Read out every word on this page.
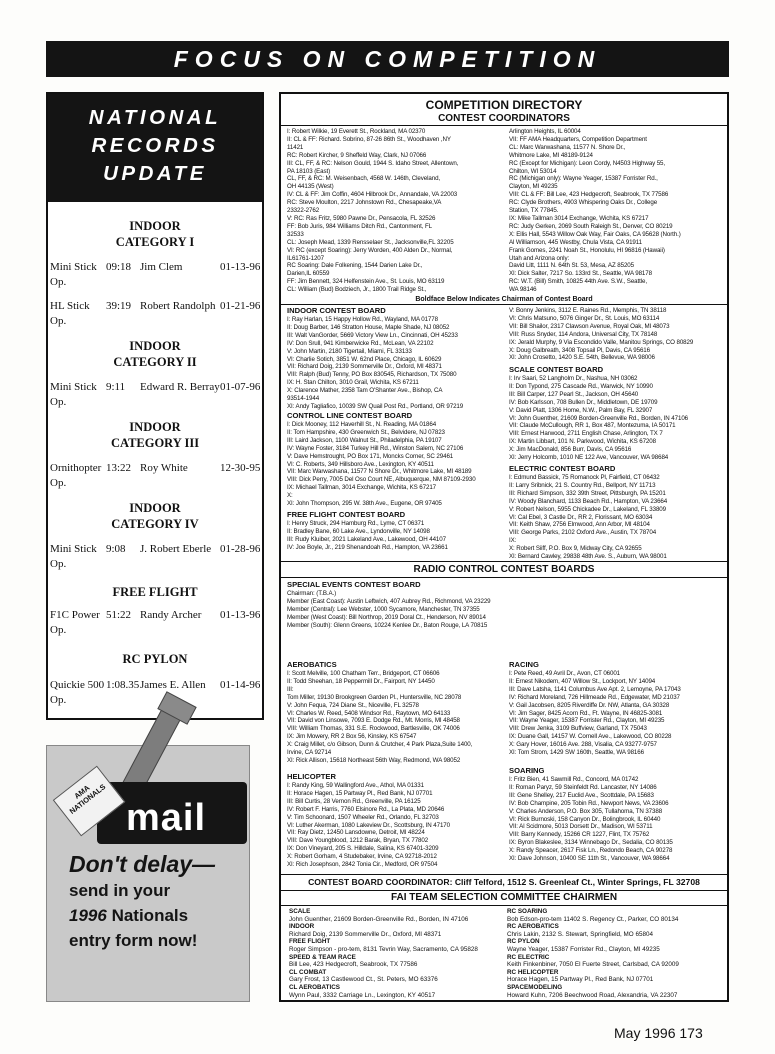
FOCUS ON COMPETITION
NATIONAL
RECORDS
UPDATE
INDOOR
CATEGORY I
Mini Stick Op.
09:18 Jim Clem	01-13-96
HL Stick Op.
39:19 Robert Randolph 01-21-96
INDOOR
CATEGORY II
Mini Stick Op.
9:11 Edward R. Berray 01-07-96
INDOOR
CATEGORY III
Ornithopter Op.
13:22 Roy White	12-30-95
INDOOR
CATEGORY IV
Mini Stick Op.
9:08 J. Robert Eberle 01-28-96
FREE FLIGHT
F1C Power Op.
51:22 Randy Archer 01-13-96
RC PYLON
Quickie 500 Op.
1:08.35 James E. Allen 01-14-96
AMA NATIONALS mail
Don't delay—
send in your
1996 Nationals
entry form now!
COMPETITION DIRECTORY
CONTEST COORDINATORS
I: Robert Wilkie, 19 Everett St., Rockland, MA 02370
II: CL & FF: Richard. Sobrino, 87-26 86th St., Woodhaven ,NY
11421
RC: Robert Kircher, 9 Sheffeld Way, Clark, NJ 07066
III: CL, FF, & RC: Nelson Gould, 1944 S. Idaho Street, Allentown,
PA 18103 (East)
CL, FF, & RC: M. Weisenbach, 4568 W. 146th, Cleveland,
OH 44135 (West)
IV: CL & FF: Jim Coffin, 4604 Hilbrook Dr., Annandale, VA 22003
RC: Steve Moulton, 2217 Johnstown Rd., Chesapeake,VA
23322-2762
V: RC: Ras Fritz, 5980 Pawne Dr., Pensacola, FL 32526
FF: Bob Juris, 984 Williams Ditch Rd., Cantonment, FL
32533
CL: Joseph Mead, 1339 Rensselaer St., Jacksonville,FL 32205
VI: RC (except Soaring): Jerry Worden, 400 Alden Dr., Normal,
IL61761-1207
RC Soaring: Dale Folkening, 1544 Darien Lake Dr.,
Darien,IL 60559
FF: Jim Bennett, 324 Helfenstein Ave., St. Louis, MO 63119
CL: William (Bud) Bodziech, Jr., 1800 Trail Ridge St.,
Arlington Heights, IL 60004
VII: FF AMA Headquarters, Competition Department
CL: Marc Warwashana, 11577 N. Shore Dr.,
Whitmore Lake, MI 48189-9124
RC (Except for Michigan): Leon Cordy, N4503 Highway 55,
Chilton, WI 53014
RC (Michigan only): Wayne Yeager, 15387 Forrister Rd.,
Clayton, MI 49235
VIII: CL & FF: Bill Lee, 423 Hedgecroft, Seabrook, TX 77586
RC: Clyde Brothers, 4903 Whispering Oaks Dr., College
Station, TX 77845.
IX: Mike Tallman 3014 Exchange, Wichita, KS 67217
RC: Judy Gerken, 2069 South Raleigh St., Denver, CO 80219
X: Ellis Hall, 5543 Willow Oak Way, Fair Oaks, CA 95628 (North.)
Al Williamson, 445 Westby, Chula Vista, CA 91911
Frank Gomes, 2241 Noah St., Honolulu, HI 96816 (Hawaii)
Utah and Arizona only:
David Litt, 1111 N. 64th St. 53, Mesa, AZ 85205
XI: Dick Salter, 7217 So. 133rd St., Seattle, WA 98178
RC: W.T. (Bill) Smith, 10825 44th Ave. S.W., Seattle,
WA 98146
Boldface Below Indicates Chairman of Contest Board
INDOOR CONTEST BOARD
I: Ray Harlan, 15 Happy Hollow Rd., Wayland, MA 01778
II: Doug Barber, 146 Stratton House, Maple Shade, NJ 08052
III: Walt VanGorder, 5669 Victory View Ln., Cincinnati, OH 45233
IV: Don Srull, 941 Kimberwicke Rd., McLean, VA 22102
V: John Martin, 2180 Tigertail, Miami, FL 33133
VI: Charlie Sotich, 3851 W. 62nd Place, Chicago, IL 60629
VII: Richard Doig, 2139 Sommerville Dr., Oxford, MI 48371
VIII: Ralph (Bud) Tenny, PO Box 830545, Richardson, TX 75080
IX: H. Stan Chilton, 3010 Grail, Wichita, KS 67211
X: Clarence Mather, 2358 Tam O'Shanter Ave., Bishop, CA
93514-1944
XI: Andy Tagliafico, 10039 SW Quail Post Rd., Portland, OR 97219
CONTROL LINE CONTEST BOARD
I: Dick Mooney, 112 Haverhill St., N. Reading, MA 01864
II: Tom Hampshire, 430 Greenwich St., Belvidere, NJ 07823
III: Laird Jackson, 1100 Walnut St., Philadelphia, PA 19107
IV: Wayne Foster, 3184 Turkey Hill Rd., Winston Salem, NC 27106
V: Dave Hemstrought, PO Box 171, Moncks Corner, SC 29461
VI: C. Roberts, 349 Hillsboro Ave., Lexington, KY 40511
VII: Marc Warwashana, 11577 N Shore Dr., Whitmore Lake, MI 48189
VIII: Dick Perry, 7005 Del Oso Court NE, Albuquerque, NM 87109-2930
IX: Michael Tallman, 3014 Exchange, Wichita, KS 67217
X:
XI: John Thompson, 295 W. 38th Ave., Eugene, OR 97405
FREE FLIGHT CONTEST BOARD
I: Henry Struck, 294 Hamburg Rd., Lyme, CT 06371
II: Bradley Bane, 60 Lake Ave., Lyndonville, NY 14098
III: Rudy Kluiber, 2021 Lakeland Ave., Lakewood, OH 44107
IV: Joe Boyle, Jr., 219 Shenandoah Rd., Hampton, VA 23661
V: Bonny Jenkins, 3112 E. Raines Rd., Memphis, TN 38118
VI: Chris Matsuno, 5076 Ginger Dr., St. Louis, MO 63114
VII: Bill Shailor, 2317 Clawson Avenue, Royal Oak, MI 48073
VIII: Russ Snyder, 114 Andora, Universal City, TX 78148
IX: Jerald Murphy, 9 Via Escondido Valle, Manitou Springs, CO 80829
X: Doug Galbreath, 3408 Topsail Pl, Davis, CA 95616
XI: John Crosetto, 1420 S.E. 54th, Bellevue, WA 98006
SCALE CONTEST BOARD
I: Irv Saari, 52 Langholm Dr., Nashua, NH 03062
II: Don Typond, 275 Cascade Rd., Warwick, NY 10990
III: Bill Carper, 127 Pearl St., Jackson, OH 45640
IV: Bob Karlsson, 708 Bullen Dr., Middletown, DE 19709
V: David Platt, 1306 Home, N.W., Palm Bay, FL 32907
VI: John Guenther, 21609 Borden-Greenville Rd., Borden, IN 47106
VII: Claude McCullough, RR 1, Box 487, Montezuma, IA 50171
VIII: Ernest Harwood, 2711 English Chase, Arlington, TX 7
IX: Martin Libbart, 101 N. Parkwood, Wichita, KS 67208
X: Jim MacDonald, 856 Burr, Davis, CA 95616
XI: Jerry Holcomb, 1010 NE 122 Ave, Vancouver, WA 98684
ELECTRIC CONTEST BOARD
I: Edmund Bassick, 75 Romanock Pl, Fairfield, CT 06432
II: Larry Sribnick, 21 S. Country Rd., Bellport, NY 11713
III: Richard Simpson, 332 39th Street, Pittsburgh, PA 15201
IV: Woody Blanchard, 1133 Beach Rd., Hampton, VA 23664
V: Robert Nelson, 5955 Chickadee Dr., Lakeland, FL 33809
VI: Cal Ebel, 3 Castle Dr., RR 2, Florissant, MO 63034
VII: Keith Shaw, 2756 Elmwood, Ann Arbor, MI 48104
VIII: George Parks, 2102 Oxford Ave., Austin, TX 78704
IX:
X: Robert Siiff, P.O. Box 9, Midway City, CA 92655
XI: Bernard Cawley, 29838 48th Ave. S., Auburn, WA 98001
RADIO CONTROL CONTEST BOARDS
SPECIAL EVENTS CONTEST BOARD
Chairman: (T.B.A.)
Member (East Coast): Austin Leftwich, 407 Aubrey Rd., Richmond, VA 23229
Member (Central): Lee Webster, 1000 Sycamore, Manchester, TN 37355
Member (West Coast): Bill Northrop, 2019 Doral Ct., Henderson, NV 89014
Member (South): Glenn Greens, 10224 Kenlee Dr., Baton Rouge, LA 70815
AEROBATICS
I: Scott Melville, 100 Chatham Terr., Bridgeport, CT 06606
II: Todd Sheehan, 18 Peppermill Dr., Fairport, NY 14450
III:
Tom Miller, 19130 Brookgreen Garden Pl., Huntersville, NC 28078
V: John Fequa, 724 Diane St., Niceville, FL 32578
VI: Charles W. Reed, 5408 Windsor Rd., Raytown, MO 64133
VII: David von Linsowe, 7093 E. Dodge Rd., Mt. Morris, MI 48458
VIII: William Thomas, 331 S.E. Rockwood, Bartlesville, OK 74006
IX: Jim Mowery, RR 2 Box 56, Kinsley, KS 67547
X: Craig Millet, c/o Gibson, Dunn & Crutcher, 4 Park Plaza,Suite 1400,
Irvine, CA 92714
XI: Rick Allison, 15618 Northeast 56th Way, Redmond, WA 98052
HELICOPTER
I: Randy King, 59 Wallingford Ave., Athol, MA 01331
II: Horace Hagen, 15 Partway Pl., Red Bank, NJ 07701
III: Bill Curtis, 28 Vernon Rd., Greenville, PA 16125
IV: Robert F. Harris, 7760 Elsinore Rd., La Plata, MD 20646
V: Tim Schoonard, 1507 Wheeler Rd., Orlando, FL 32703
VI: Luther Akerman, 1080 Lakeview Dr., Scottsburg, IN 47170
VII: Ray Dietz, 12450 Lansdowne, Detroit, MI 48224
VIII: Dave Youngblood, 1212 Barak, Bryan, TX 77802
IX: Don Vineyard, 205 S. Hilldale, Salina, KS 67401-3209
X: Robert Gorham, 4 Studebaker, Irvine, CA 92718-2012
XI: Rich Josephson, 2842 Tonia Cir., Medford, OR 97504
RACING
I: Pete Reed, 49 Avril Dr., Avon, CT 06001
II: Ernest Nikodem, 407 Willow St., Lockport, NY 14094
III: Dave Latsha, 1141 Columbus Ave Apt. 2, Lemoyne, PA 17043
IV: Richard Moreland, 726 Hillmeade Rd., Edgewater, MD 21037
V: Gail Jacobsen, 8205 Riverdiffe Dr. NW, Atlanta, GA 30328
VI: Jim Sager, 8425 Acorn Rd., Ft. Wayne, IN 46825-3081
VII: Wayne Yeager, 15387 Forrister Rd., Clayton, MI 49235
VIII: Drew Jenka, 3109 Buffview, Garland, TX 75043
IX: Duane Gall, 14157 W. Cornell Ave., Lakewood, CO 80228
X: Gary Hover, 16016 Ave. 288, Visalia, CA 93277-9757
XI: Tom Strom, 1429 SW 160th, Seattle, WA 98166
SOARING
I: Fritz Bien, 41 Sawmill Rd., Concord, MA 01742
II: Roman Paryz, 59 Steinfeldt Rd. Lancaster, NY 14086
III: Gene Shelley, 217 Euclid Ave., Scottdale, PA 15683
IV: Bob Champine, 205 Tobin Rd., Newport News, VA 23606
V: Charles Anderson, P.O. Box 305, Tullahoma, TN 37388
VI: Rick Burnoski, 158 Canyon Dr., Bolingbrook, IL 60440
VII: Al Scidmore, 5013 Dorsett Dr., Madison, WI 53711
VIII: Barry Kennedy, 15266 CR 1227, Flint, TX 75762
IX: Byron Blakeslee, 3134 Winnebago Dr., Sedalia, CO 80135
X: Randy Speacer, 2617 Fisk Ln., Redondo Beach, CA 90278
XI: Dave Johnson, 10400 SE 11th St., Vancouver, WA 98664
CONTEST BOARD COORDINATOR: Cliff Telford, 1512 S. Greenleaf Ct., Winter Springs, FL 32708
FAI TEAM SELECTION COMMITTEE CHAIRMEN
SCALE
John Guenther, 21609 Borden-Greenville Rd., Borden, IN 47106
INDOOR
Richard Doig, 2139 Sommerville Dr., Oxford, MI 48371
FREE FLIGHT
Roger Simpson - pro-tem, 8131 Tevrin Way, Sacramento, CA 95828
SPEED & TEAM RACE
Bill Lee, 423 Hedgecroft, Seabrook, TX 77586
CL COMBAT
Gary Frost, 13 Castlewood Ct., St. Peters, MO 63376
CL AEROBATICS
Wynn Paul, 3332 Carriage Ln., Lexington, KY 40517
RC SOARING
Bob Edson-pro-tem 11402 S. Regency Ct., Parker, CO 80134
RC AEROBATICS
Chris Lakin, 2132 S. Stewart, Springfield, MO 65804
RC PYLON
Wayne Yeager, 15387 Forrister Rd., Clayton, MI 49235
RC ELECTRIC
Keith Finkenbiner, 7050 El Fuerte Street, Carlsbad, CA 92009
RC HELICOPTER
Horace Hagen, 15 Partway Pl., Red Bank, NJ 07701
SPACEMODELING
Howard Kuhn, 7206 Beechwood Road, Alexandria, VA 22307
May 1996 173
